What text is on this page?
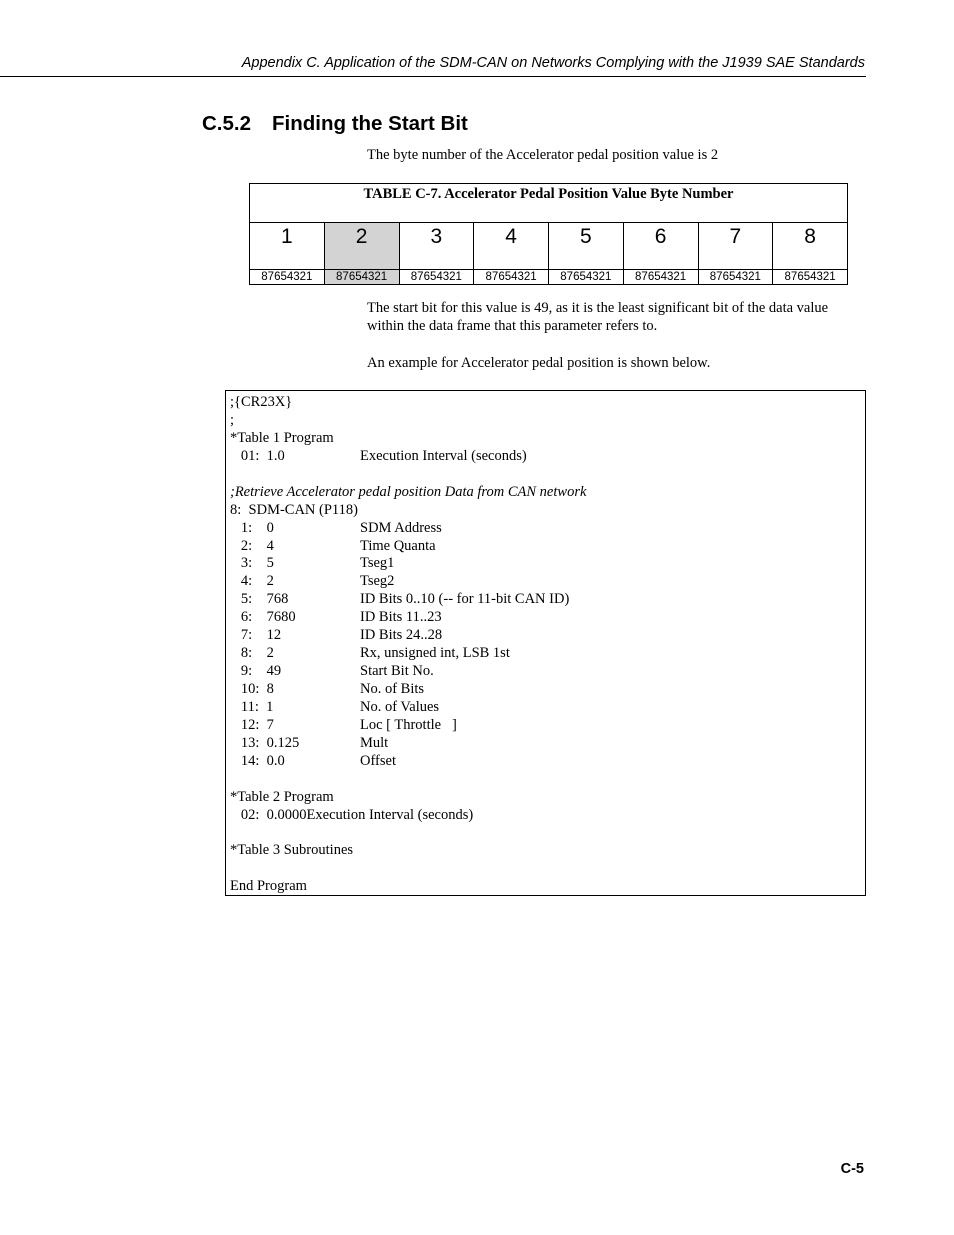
Appendix C. Application of the SDM-CAN on Networks Complying with the J1939 SAE Standards
C.5.2	Finding the Start Bit
The byte number of the Accelerator pedal position value is 2
TABLE C-7. Accelerator Pedal Position Value Byte Number							
1	2	3	4	5	6	7	8
87654321	87654321	87654321	87654321	87654321	87654321	87654321	87654321
The start bit for this value is 49, as it is the least significant bit of the data value within the data frame that this parameter refers to.
An example for Accelerator pedal position is shown below.
;{CR23X}
;
*Table 1 Program
01:  1.0	Execution Interval (seconds)
;Retrieve Accelerator pedal position Data from CAN network
8:  SDM-CAN (P118)
1:    0	SDM Address
2:    4	Time Quanta
3:    5	Tseg1
4:    2	Tseg2
5:    768	ID Bits 0..10 (-- for 11-bit CAN ID)
6:    7680	ID Bits 11..23
7:    12	ID Bits 24..28
8:    2	Rx, unsigned int, LSB 1st
9:    49	Start Bit No.
10:  8	No. of Bits
11:  1	No. of Values
12:  7	Loc [ Throttle   ]
13:  0.125	Mult
14:  0.0	Offset
*Table 2 Program
02:  0.0000Execution Interval (seconds)
*Table 3 Subroutines
End Program
C-5
